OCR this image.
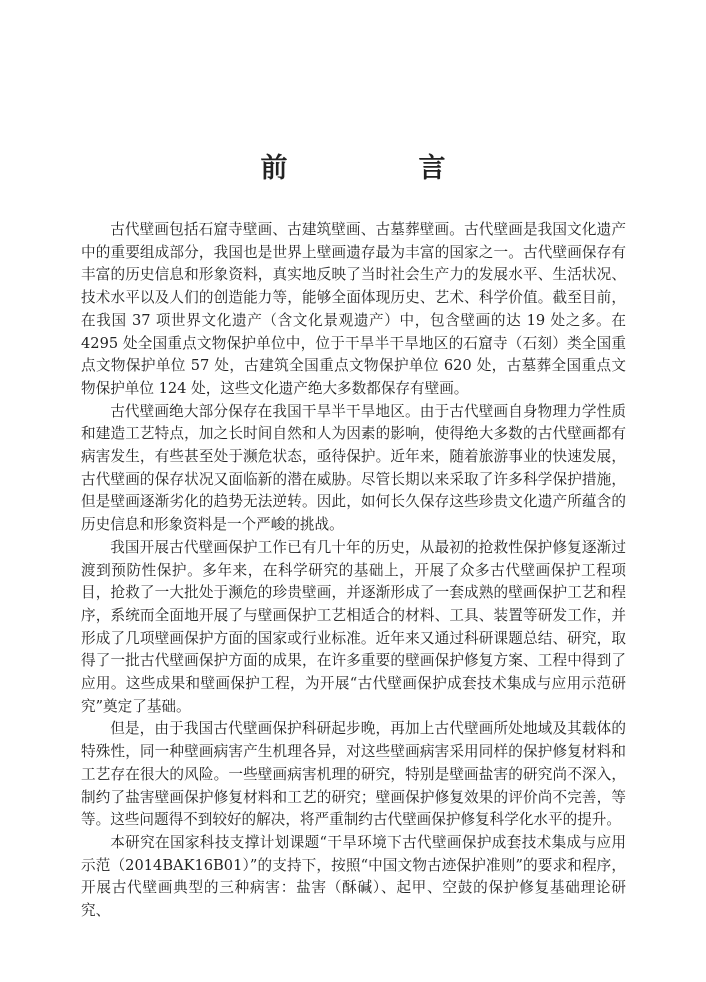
前　言

古代壁画包括石窟寺壁画、古建筑壁画、古墓葬壁画。古代壁画是我国文化遗产中的重要组成部分，我国也是世界上壁画遗存最为丰富的国家之一。古代壁画保存有丰富的历史信息和形象资料，真实地反映了当时社会生产力的发展水平、生活状况、技术水平以及人们的创造能力等，能够全面体现历史、艺术、科学价值。截至目前，在我国 37 项世界文化遗产（含文化景观遗产）中，包含壁画的达 19 处之多。在 4295 处全国重点文物保护单位中，位于干旱半干旱地区的石窟寺（石刻）类全国重点文物保护单位 57 处，古建筑全国重点文物保护单位 620 处，古墓葬全国重点文物保护单位 124 处，这些文化遗产绝大多数都保存有壁画。

古代壁画绝大部分保存在我国干旱半干旱地区。由于古代壁画自身物理力学性质和建造工艺特点，加之长时间自然和人为因素的影响，使得绝大多数的古代壁画都有病害发生，有些甚至处于濒危状态，亟待保护。近年来，随着旅游事业的快速发展，古代壁画的保存状况又面临新的潜在威胁。尽管长期以来采取了许多科学保护措施，但是壁画逐渐劣化的趋势无法逆转。因此，如何长久保存这些珍贵文化遗产所蕴含的历史信息和形象资料是一个严峻的挑战。

我国开展古代壁画保护工作已有几十年的历史，从最初的抢救性保护修复逐渐过渡到预防性保护。多年来，在科学研究的基础上，开展了众多古代壁画保护工程项目，抢救了一大批处于濒危的珍贵壁画，并逐渐形成了一套成熟的壁画保护工艺和程序，系统而全面地开展了与壁画保护工艺相适合的材料、工具、装置等研发工作，并形成了几项壁画保护方面的国家或行业标准。近年来又通过科研课题总结、研究，取得了一批古代壁画保护方面的成果，在许多重要的壁画保护修复方案、工程中得到了应用。这些成果和壁画保护工程，为开展“古代壁画保护成套技术集成与应用示范研究”奠定了基础。

但是，由于我国古代壁画保护科研起步晚，再加上古代壁画所处地域及其载体的特殊性，同一种壁画病害产生机理各异，对这些壁画病害采用同样的保护修复材料和工艺存在很大的风险。一些壁画病害机理的研究，特别是壁画盐害的研究尚不深入，制约了盐害壁画保护修复材料和工艺的研究；壁画保护修复效果的评价尚不完善，等等。这些问题得不到较好的解决，将严重制约古代壁画保护修复科学化水平的提升。

本研究在国家科技支撑计划课题“干旱环境下古代壁画保护成套技术集成与应用示范（2014BAK16B01）”的支持下，按照“中国文物古迹保护准则”的要求和程序，开展古代壁画典型的三种病害：盐害（酥碱）、起甲、空鼓的保护修复基础理论研究、
